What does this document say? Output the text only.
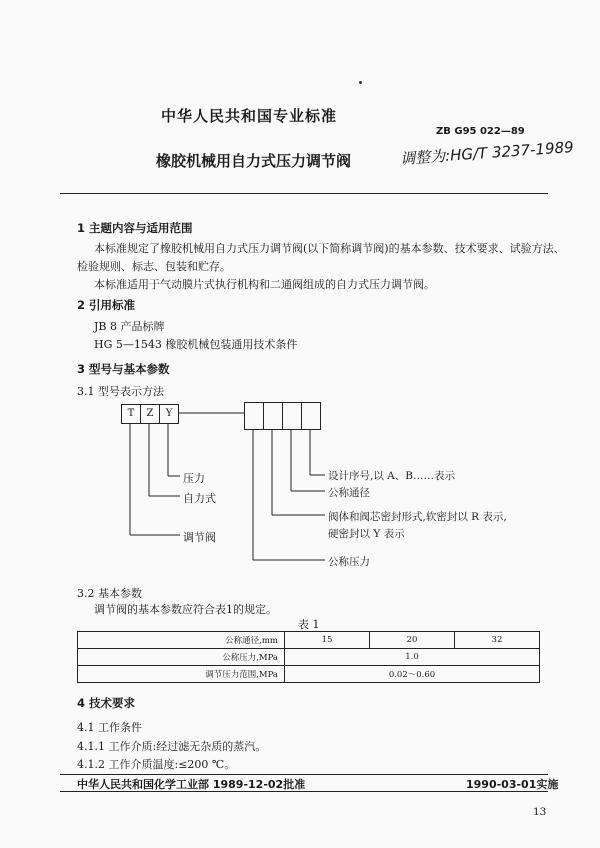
中华人民共和国专业标准
ZB G95 022—89
橡胶机械用自力式压力调节阀	调整为:HG/T 3237-1989
1 主题内容与适用范围
本标准规定了橡胶机械用自力式压力调节阀(以下简称调节阀)的基本参数、技术要求、试验方法、
检验规则、标志、包装和贮存。
本标准适用于气动膜片式执行机构和二通阀组成的自力式压力调节阀。
2 引用标准
JB 8 产品标牌
HG 5—1543 橡胶机械包装通用技术条件
3 型号与基本参数
3.1 型号表示方法
T	Z	Y
压力
自力式
调节阀
设计序号,以 A、B……表示
公称通径
阀体和阀芯密封形式,软密封以 R 表示,
硬密封以 Y 表示
公称压力
3.2 基本参数
调节阀的基本参数应符合表1的规定。
表 1
公称通径,mm	15	20	32
公称压力,MPa	1.0		
调节压力范围,MPa	0.02～0.60		
4 技术要求
4.1 工作条件
4.1.1 工作介质:经过滤无杂质的蒸汽。
4.1.2 工作介质温度:≤200 ℃。
中华人民共和国化学工业部 1989-12-02批准	1990-03-01实施
13
